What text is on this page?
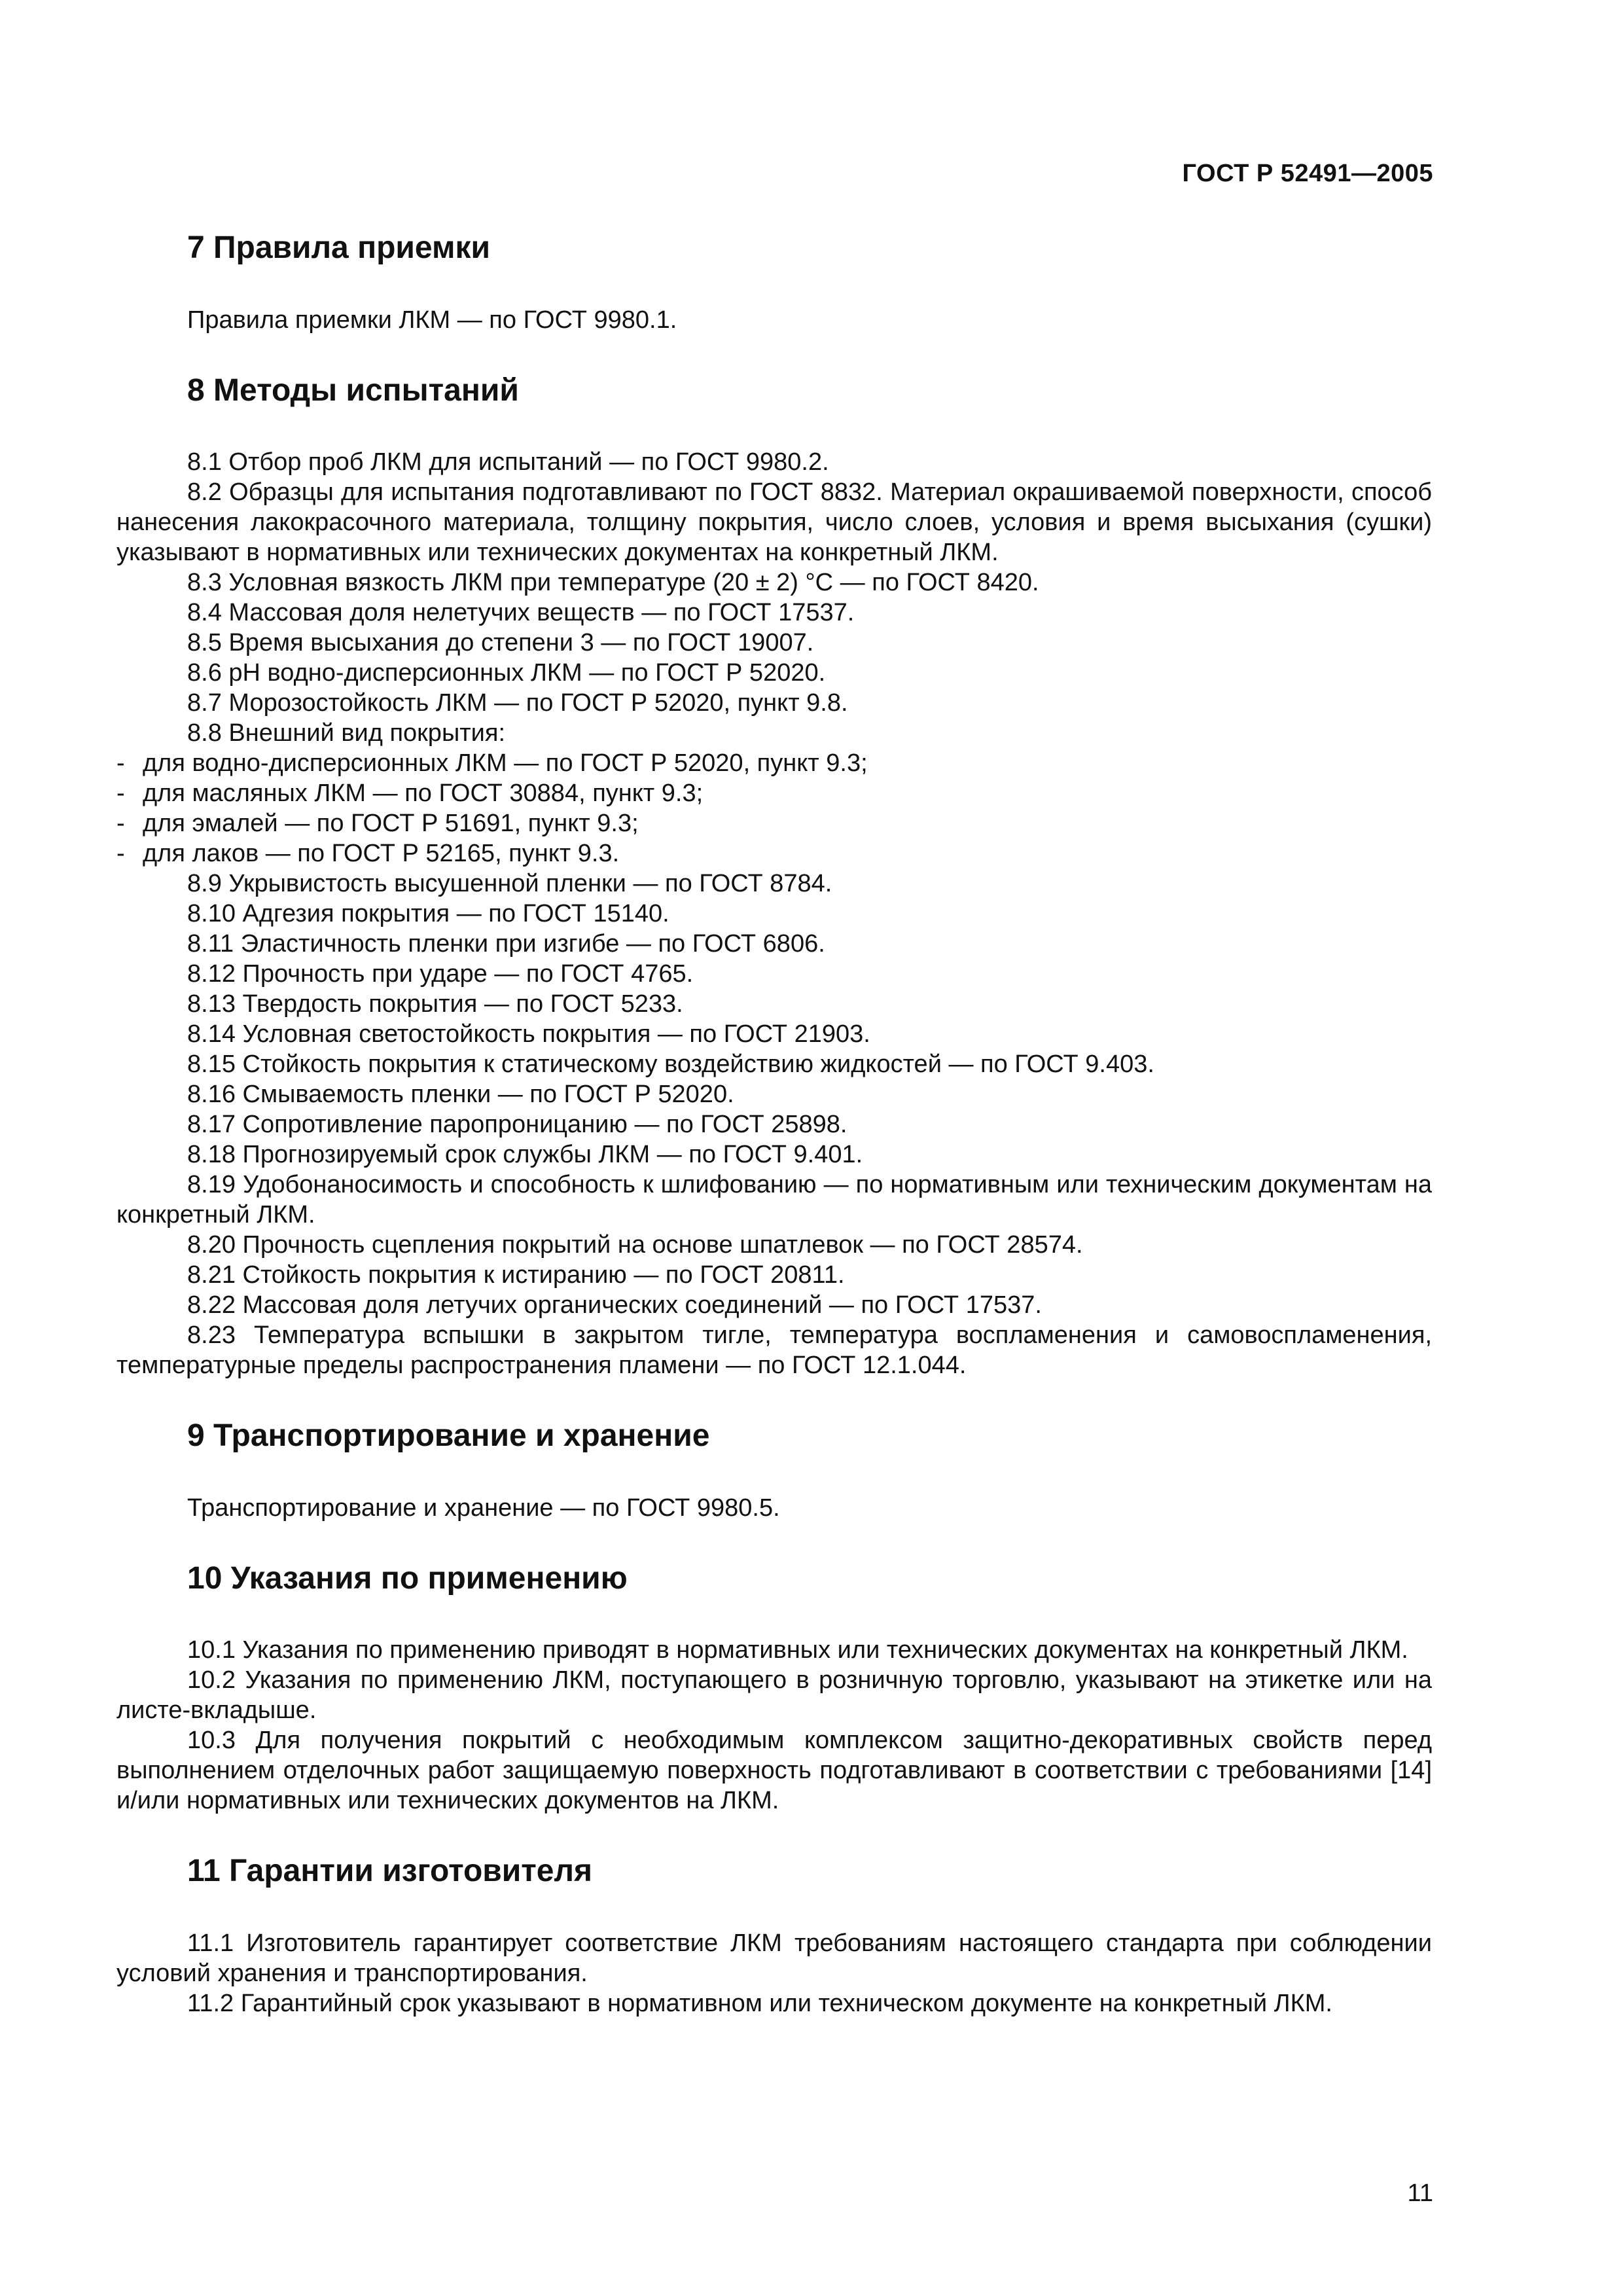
ГОСТ Р 52491—2005
7 Правила приемки

Правила приемки ЛКМ — по ГОСТ 9980.1.

8 Методы испытаний

8.1 Отбор проб ЛКМ для испытаний — по ГОСТ 9980.2.

8.2 Образцы для испытания подготавливают по ГОСТ 8832. Материал окрашиваемой поверхности, способ нанесения лакокрасочного материала, толщину покрытия, число слоев, условия и время высыхания (сушки) указывают в нормативных или технических документах на конкретный ЛКМ.

8.3 Условная вязкость ЛКМ при температуре (20 ± 2) °С — по ГОСТ 8420.

8.4 Массовая доля нелетучих веществ — по ГОСТ 17537.

8.5 Время высыхания до степени 3 — по ГОСТ 19007.

8.6 рН водно-дисперсионных ЛКМ — по ГОСТ Р 52020.

8.7 Морозостойкость ЛКМ — по ГОСТ Р 52020, пункт 9.8.

8.8 Внешний вид покрытия:

- для водно-дисперсионных ЛКМ — по ГОСТ Р 52020, пункт 9.3;

- для масляных ЛКМ — по ГОСТ 30884, пункт 9.3;

- для эмалей — по ГОСТ Р 51691, пункт 9.3;

- для лаков — по ГОСТ Р 52165, пункт 9.3.

8.9 Укрывистость высушенной пленки — по ГОСТ 8784.

8.10 Адгезия покрытия — по ГОСТ 15140.

8.11 Эластичность пленки при изгибе — по ГОСТ 6806.

8.12 Прочность при ударе — по ГОСТ 4765.

8.13 Твердость покрытия — по ГОСТ 5233.

8.14 Условная светостойкость покрытия — по ГОСТ 21903.

8.15 Стойкость покрытия к статическому воздействию жидкостей — по ГОСТ 9.403.

8.16 Смываемость пленки — по ГОСТ Р 52020.

8.17 Сопротивление паропроницанию — по ГОСТ 25898.

8.18 Прогнозируемый срок службы ЛКМ — по ГОСТ 9.401.

8.19 Удобонаносимость и способность к шлифованию — по нормативным или техническим документам на конкретный ЛКМ.

8.20 Прочность сцепления покрытий на основе шпатлевок — по ГОСТ 28574.

8.21 Стойкость покрытия к истиранию — по ГОСТ 20811.

8.22 Массовая доля летучих органических соединений — по ГОСТ 17537.

8.23 Температура вспышки в закрытом тигле, температура воспламенения и самовоспламенения, температурные пределы распространения пламени — по ГОСТ 12.1.044.

9 Транспортирование и хранение

Транспортирование и хранение — по ГОСТ 9980.5.

10 Указания по применению

10.1 Указания по применению приводят в нормативных или технических документах на конкретный ЛКМ.

10.2 Указания по применению ЛКМ, поступающего в розничную торговлю, указывают на этикетке или на листе-вкладыше.

10.3 Для получения покрытий с необходимым комплексом защитно-декоративных свойств перед выполнением отделочных работ защищаемую поверхность подготавливают в соответствии с требованиями [14] и/или нормативных или технических документов на ЛКМ.

11 Гарантии изготовителя

11.1 Изготовитель гарантирует соответствие ЛКМ требованиям настоящего стандарта при соблюдении условий хранения и транспортирования.

11.2 Гарантийный срок указывают в нормативном или техническом документе на конкретный ЛКМ.

11
